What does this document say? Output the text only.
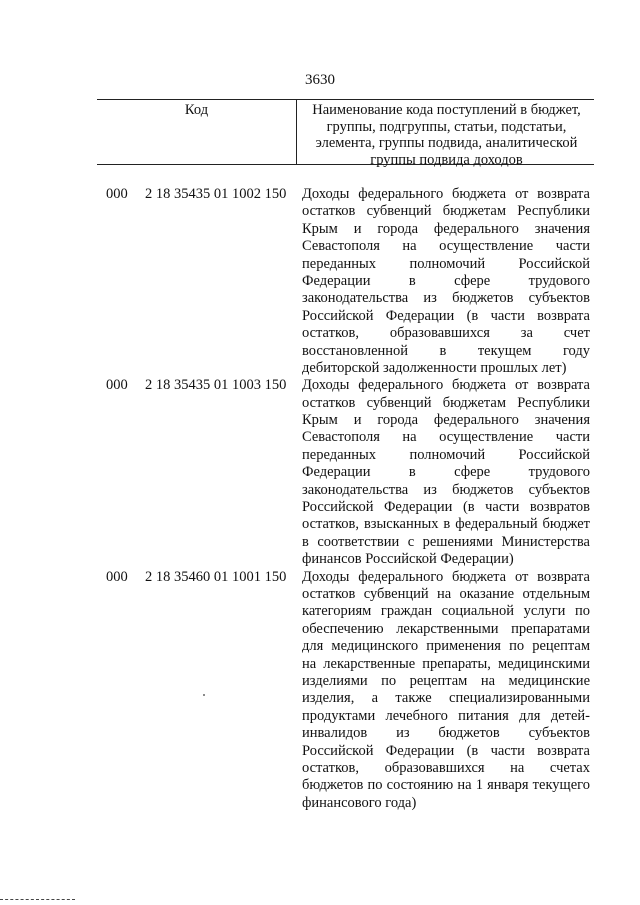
3630
Код	Наименование кода поступлений в бюджет,
группы, подгруппы, статьи, подстатьи,
элемента, группы подвида, аналитической
группы подвида доходов
000 2 18 35435 01 1002 150 Доходы федерального бюджета от возврата
остатков субвенций бюджетам Республики
Крым и города федерального значения
Севастополя на осуществление части
переданных полномочий Российской
Федерации в сфере трудового
законодательства из бюджетов субъектов
Российской Федерации (в части возврата
остатков, образовавшихся за счет
восстановленной в текущем году
дебиторской задолженности прошлых лет)
000 2 18 35435 01 1003 150 Доходы федерального бюджета от возврата
остатков субвенций бюджетам Республики
Крым и города федерального значения
Севастополя на осуществление части
переданных полномочий Российской
Федерации в сфере трудового
законодательства из бюджетов субъектов
Российской Федерации (в части возвратов
остатков, взысканных в федеральный бюджет
в соответствии с решениями Министерства
финансов Российской Федерации)
000 2 18 35460 01 1001 150 Доходы федерального бюджета от возврата
остатков субвенций на оказание отдельным
категориям граждан социальной услуги по
обеспечению лекарственными препаратами
для медицинского применения по рецептам
на лекарственные препараты, медицинскими
изделиями по рецептам на медицинские
изделия, а также специализированными
продуктами лечебного питания для детей-
инвалидов из бюджетов субъектов
Российской Федерации (в части возврата
остатков, образовавшихся на счетах
бюджетов по состоянию на 1 января текущего
финансового года)
